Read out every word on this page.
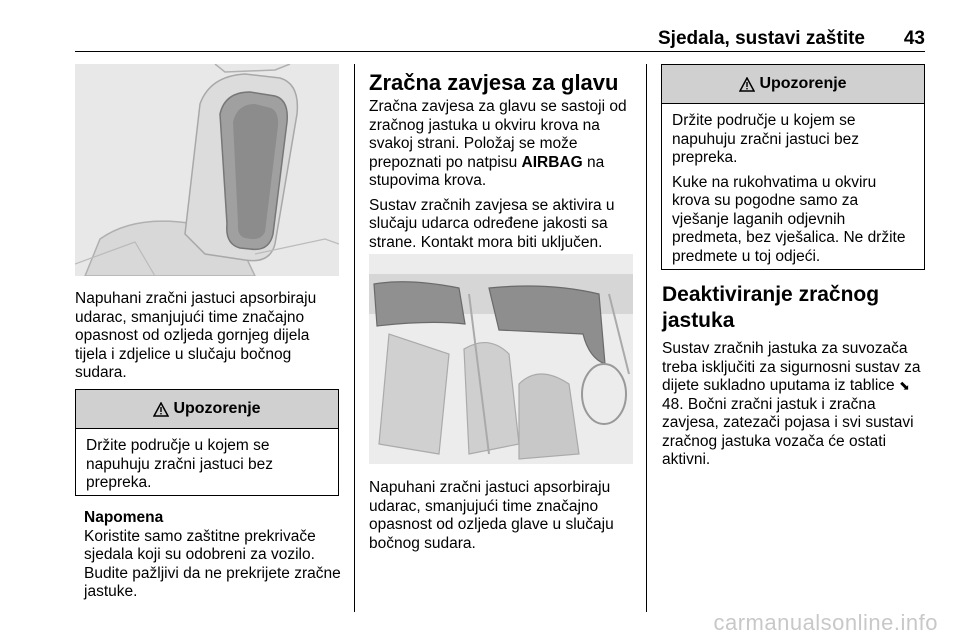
Sjedala, sustavi zaštite 43

Napuhani zračni jastuci apsorbiraju udarac, smanjujući time značajno opasnost od ozljeda gornjeg dijela tijela i zdjelice u slučaju bočnog sudara.

Upozorenje

Držite područje u kojem se napuhuju zračni jastuci bez prepreka.

Napomena
Koristite samo zaštitne prekrivače sjedala koji su odobreni za vozilo. Budite pažljivi da ne prekrijete zračne jastuke.
Zračna zavjesa za glavu

Zračna zavjesa za glavu se sastoji od zračnog jastuka u okviru krova na svakoj strani. Položaj se može prepoznati po natpisu AIRBAG na stupovima krova.

Sustav zračnih zavjesa se aktivira u slučaju udarca određene jakosti sa strane. Kontakt mora biti uključen.

Napuhani zračni jastuci apsorbiraju udarac, smanjujući time značajno opasnost od ozljeda glave u slučaju bočnog sudara.

Upozorenje

Držite područje u kojem se napuhuju zračni jastuci bez prepreka.

Kuke na rukohvatima u okviru krova su pogodne samo za vješanje laganih odjevnih predmeta, bez vješalica. Ne držite predmete u toj odjeći.

Deaktiviranje zračnog jastuka

Sustav zračnih jastuka za suvozača treba isključiti za sigurnosni sustav za dijete sukladno uputama iz tablice ⬊ 48. Bočni zračni jastuk i zračna zavjesa, zatezači pojasa i svi sustavi zračnog jastuka vozača će ostati aktivni.

carmanualsonline.info
